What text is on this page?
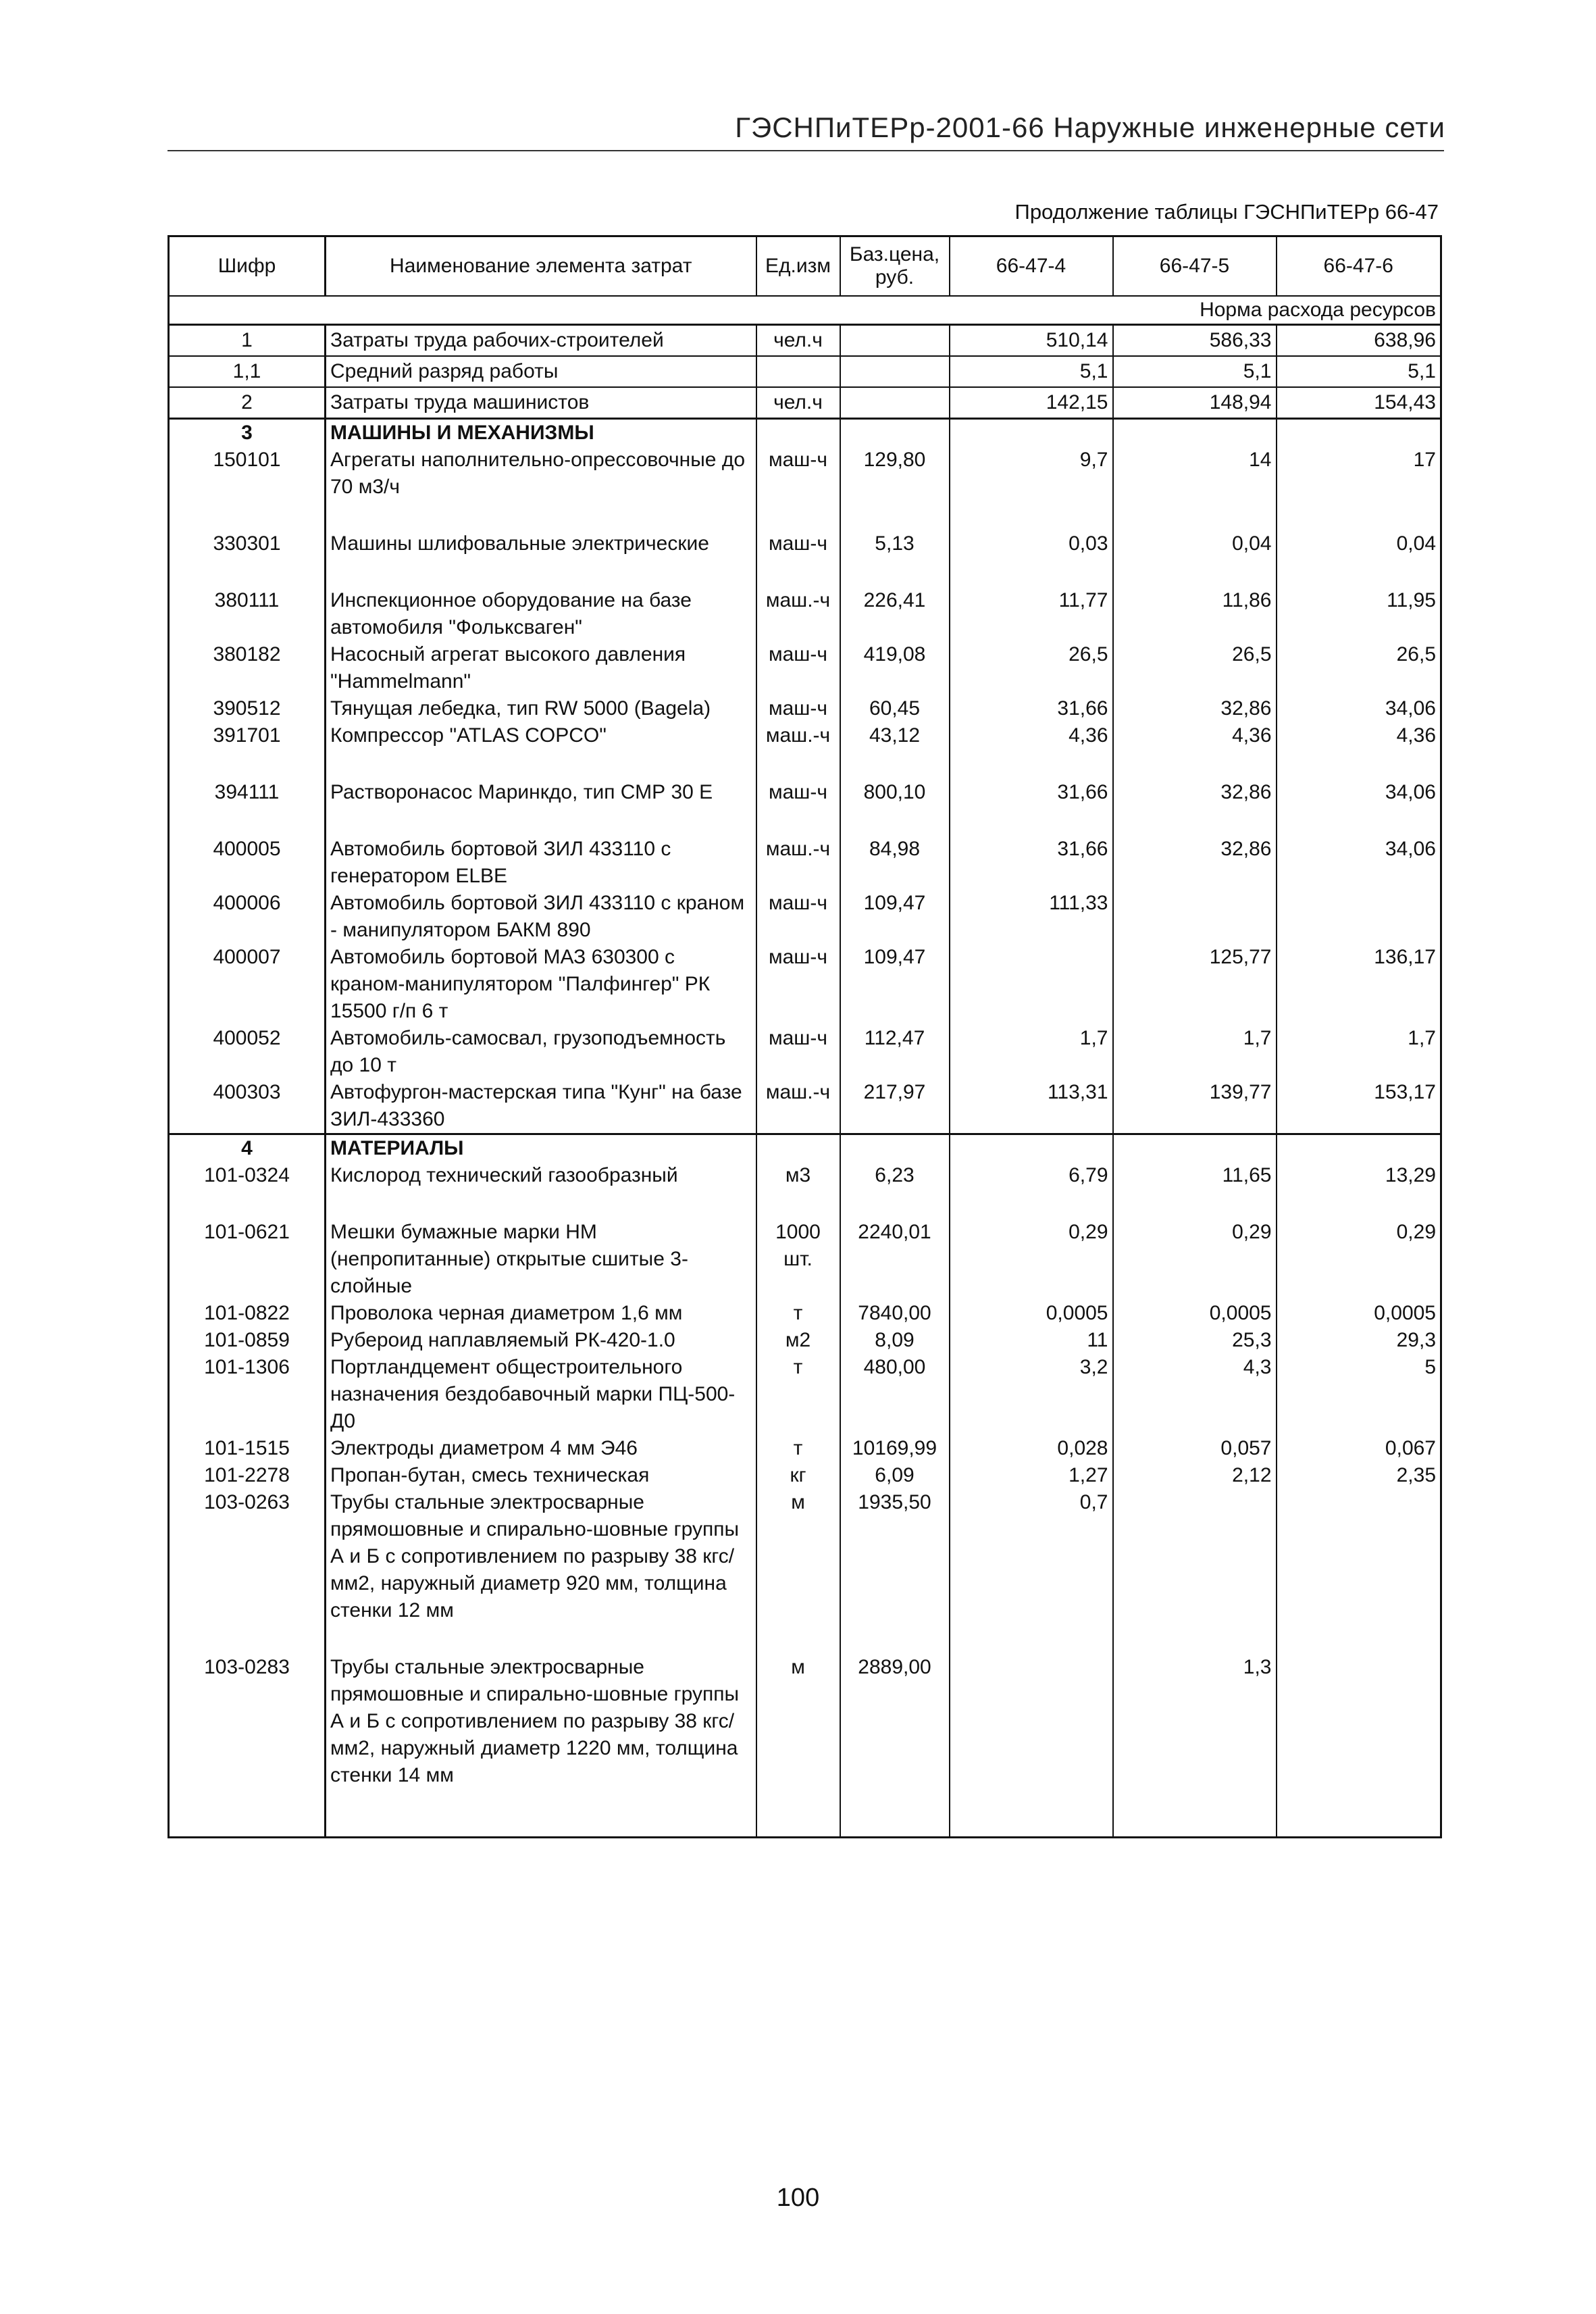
ГЭСНПиТЕРр-2001-66 Наружные инженерные сети
Продолжение таблицы ГЭСНПиТЕРр 66-47
Шифр	Наименование элемента затрат	Ед.изм	Баз.цена, руб.	66-47-4	66-47-5	66-47-6
	Норма расхода ресурсов					
1	Затраты труда рабочих-строителей	чел.ч		510,14	586,33	638,96
1,1	Средний разряд работы			5,1	5,1	5,1
2	Затраты труда машинистов	чел.ч		142,15	148,94	154,43
3	МАШИНЫ И МЕХАНИЗМЫ					
150101	Агрегаты наполнительно-опрессовочные до 70 м3/ч	маш-ч	129,80	9,7	14	17

330301	Машины шлифовальные электрические	маш-ч	5,13	0,03	0,04	0,04

380111	Инспекционное оборудование на базе автомобиля "Фольксваген"	маш.-ч	226,41	11,77	11,86	11,95
380182	Насосный агрегат высокого давления "Hammelmann"	маш-ч	419,08	26,5	26,5	26,5
390512	Тянущая лебедка, тип RW 5000 (Bagela)	маш-ч	60,45	31,66	32,86	34,06
391701	Компрессор "ATLAS COPCO"	маш.-ч	43,12	4,36	4,36	4,36

394111	Растворонасос Маринкдо, тип СМР 30 Е	маш-ч	800,10	31,66	32,86	34,06

400005	Автомобиль бортовой ЗИЛ 433110 с генератором ELBE	маш.-ч	84,98	31,66	32,86	34,06
400006	Автомобиль бортовой ЗИЛ 433110 с краном - манипулятором БАКМ 890	маш-ч	109,47	111,33		
400007	Автомобиль бортовой МАЗ 630300 с краном-манипулятором "Палфингер" РК 15500 г/п 6 т	маш-ч	109,47		125,77	136,17
400052	Автомобиль-самосвал, грузоподъемность до 10 т	маш-ч	112,47	1,7	1,7	1,7
400303	Автофургон-мастерская типа "Кунг" на базе ЗИЛ-433360	маш.-ч	217,97	113,31	139,77	153,17
4	МАТЕРИАЛЫ					
101-0324	Кислород технический газообразный	м3	6,23	6,79	11,65	13,29

101-0621	Мешки бумажные марки НМ (непропитанные) открытые сшитые 3-слойные	1000 шт.	2240,01	0,29	0,29	0,29
101-0822	Проволока черная диаметром 1,6 мм	т	7840,00	0,0005	0,0005	0,0005
101-0859	Рубероид наплавляемый РК-420-1.0	м2	8,09	11	25,3	29,3
101-1306	Портландцемент общестроительного назначения бездобавочный марки ПЦ-500-Д0	т	480,00	3,2	4,3	5
101-1515	Электроды диаметром 4 мм Э46	т	10169,99	0,028	0,057	0,067
101-2278	Пропан-бутан, смесь техническая	кг	6,09	1,27	2,12	2,35
103-0263	Трубы стальные электросварные прямошовные и спирально-шовные группы А и Б с сопротивлением по разрыву 38 кгс/мм2, наружный диаметр 920 мм, толщина стенки 12 мм	м	1935,50	0,7		

103-0283	Трубы стальные электросварные прямошовные и спирально-шовные группы А и Б с сопротивлением по разрыву 38 кгс/мм2, наружный диаметр 1220 мм, толщина стенки 14 мм	м	2889,00		1,3	

100
